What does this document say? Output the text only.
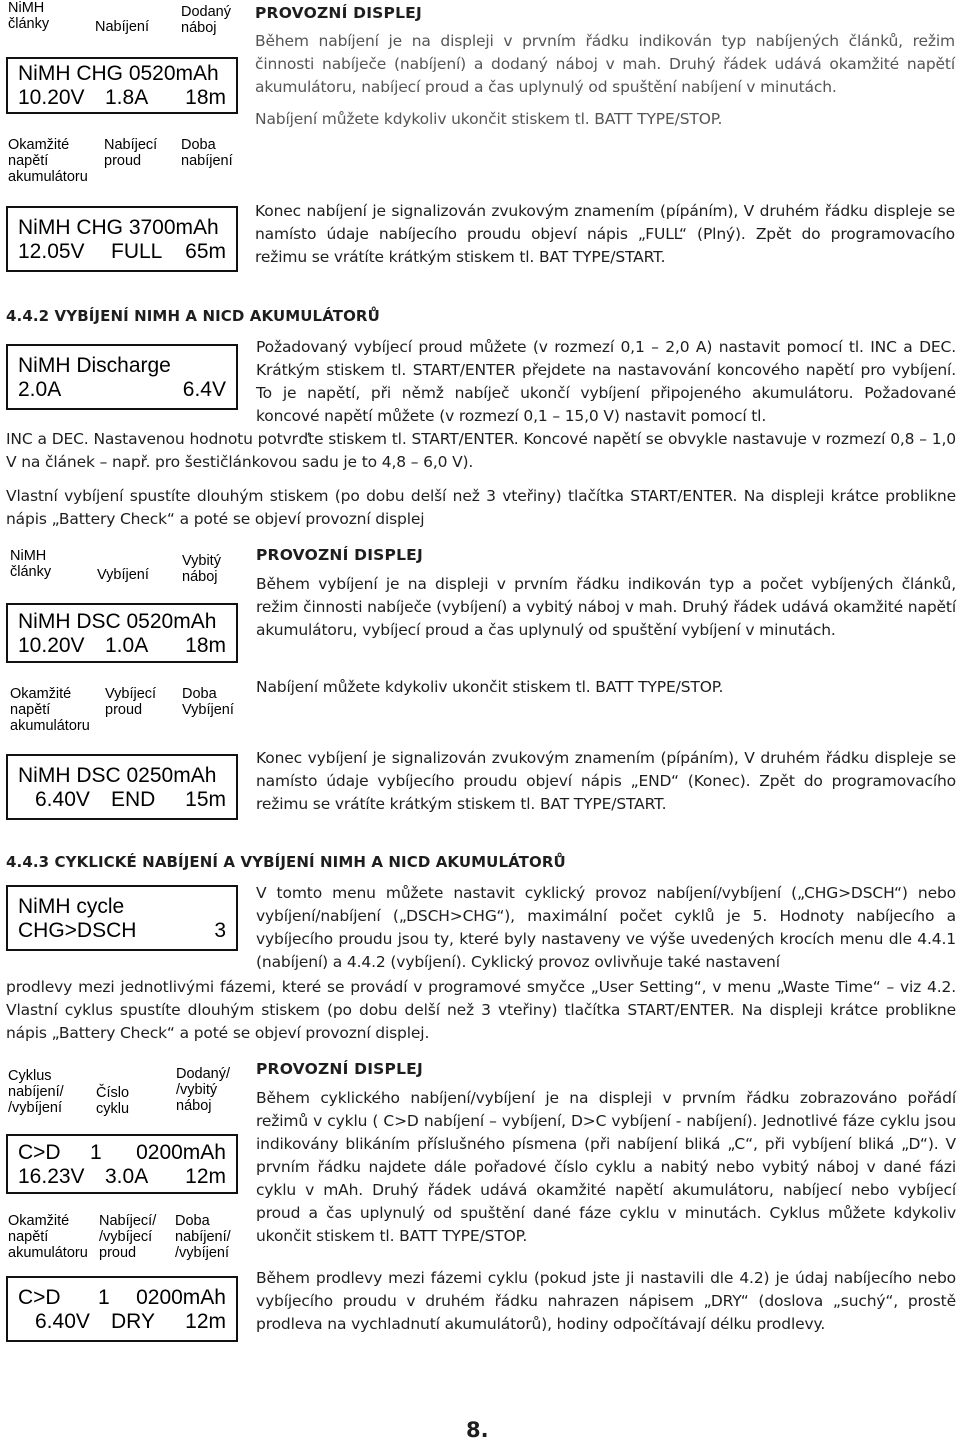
NiMH
články	Nabíjení
Dodaný
náboj
NiMH CHG 0520mAh
10.20V 1.8A 18m
Okamžité
napětí
akumulátoru
Nabíjecí
proud
Doba
nabíjení
NiMH CHG 3700mAh
12.05V FULL 65m
PROVOZNÍ DISPLEJ
Během nabíjení je na displeji v prvním řádku indikován typ nabíjených článků, režim činnosti nabíječe (nabíjení) a dodaný náboj v mah. Druhý řádek udává okamžité napětí akumulátoru, nabíjecí proud a čas uplynulý od spuštění nabíjení v minutách.
Nabíjení můžete kdykoliv ukončit stiskem tl. BATT TYPE/STOP.
Konec nabíjení je signalizován zvukovým znamením (pípáním), V druhém řádku displeje se namísto údaje nabíjecího proudu objeví nápis „FULL“ (Plný). Zpět do programovacího režimu se vrátíte krátkým stiskem tl. BAT TYPE/START.
4.4.2 VYBÍJENÍ NIMH A NICD AKUMULÁTORŮ
NiMH Discharge
2.0A	6.4V
Požadovaný vybíjecí proud můžete (v rozmezí 0,1 – 2,0 A) nastavit pomocí tl. INC a DEC. Krátkým stiskem tl. START/ENTER přejdete na nastavování koncového napětí pro vybíjení. To je napětí, při němž nabíječ ukončí vybíjení připojeného akumulátoru. Požadované koncové napětí můžete (v rozmezí 0,1 – 15,0 V) nastavit pomocí tl.
INC a DEC. Nastavenou hodnotu potvrďte stiskem tl. START/ENTER. Koncové napětí se obvykle nastavuje v rozmezí 0,8 – 1,0 V na článek – např. pro šestičlánkovou sadu je to 4,8 – 6,0 V).
Vlastní vybíjení spustíte dlouhým stiskem (po dobu delší než 3 vteřiny) tlačítka START/ENTER. Na displeji krátce problikne nápis „Battery Check“ a poté se objeví provozní displej
NiMH
články	Vybíjení
Vybitý
náboj
NiMH DSC 0520mAh
10.20V 1.0A 18m
Okamžité
napětí
akumulátoru
Vybíjecí
proud
Doba
Vybíjení
NiMH DSC 0250mAh
6.40V END 15m
PROVOZNÍ DISPLEJ
Během vybíjení je na displeji v prvním řádku indikován typ a počet vybíjených článků, režim činnosti nabíječe (vybíjení) a vybitý náboj v mah. Druhý řádek udává okamžité napětí akumulátoru, vybíjecí proud a čas uplynulý od spuštění vybíjení v minutách.
Nabíjení můžete kdykoliv ukončit stiskem tl. BATT TYPE/STOP.
Konec vybíjení je signalizován zvukovým znamením (pípáním), V druhém řádku displeje se namísto údaje vybíjecího proudu objeví nápis „END“ (Konec). Zpět do programovacího režimu se vrátíte krátkým stiskem tl. BAT TYPE/START.
4.4.3 CYKLICKÉ NABÍJENÍ A VYBÍJENÍ NIMH A NICD AKUMULÁTORŮ
NiMH cycle
CHG>DSCH	3
V tomto menu můžete nastavit cyklický provoz nabíjení/vybíjení („CHG>DSCH“) nebo vybíjení/nabíjení („DSCH>CHG“), maximální počet cyklů je 5. Hodnoty nabíjecího a vybíjecího proudu jsou ty, které byly nastaveny ve výše uvedených krocích menu dle 4.4.1 (nabíjení) a 4.4.2 (vybíjení). Cyklický provoz ovlivňuje také nastavení
prodlevy mezi jednotlivými fázemi, které se provádí v programové smyčce „User Setting“, v menu „Waste Time“ – viz 4.2. Vlastní cyklus spustíte dlouhým stiskem (po dobu delší než 3 vteřiny) tlačítka START/ENTER. Na displeji krátce problikne nápis „Battery Check“ a poté se objeví provozní displej.
Cyklus
nabíjení/
/vybíjení
Číslo
cyklu
Dodaný/
/vybitý
náboj
C>D 1 0200mAh
16.23V 3.0A 12m
Okamžité
napětí
akumulátoru
Nabíjecí/
/vybíjecí
proud
Doba
nabíjení/
/vybíjení
C>D 1 0200mAh
6.40V DRY 12m
PROVOZNÍ DISPLEJ
Během cyklického nabíjení/vybíjení je na displeji v prvním řádku zobrazováno pořádí režimů v cyklu ( C>D nabíjení – vybíjení, D>C vybíjení - nabíjení). Jednotlivé fáze cyklu jsou indikovány blikáním příslušného písmena (při nabíjení bliká „C“, při vybíjení bliká „D“). V prvním řádku najdete dále pořadové číslo cyklu a nabitý nebo vybitý náboj v dané fázi cyklu v mAh. Druhý řádek udává okamžité napětí akumulátoru, nabíjecí nebo vybíjecí proud a čas uplynulý od spuštění dané fáze cyklu v minutách. Cyklus můžete kdykoliv ukončit stiskem tl. BATT TYPE/STOP.
Během prodlevy mezi fázemi cyklu (pokud jste ji nastavili dle 4.2) je údaj nabíjecího nebo vybíjecího proudu v druhém řádku nahrazen nápisem „DRY“ (doslova „suchý“, prostě prodleva na vychladnutí akumulátorů), hodiny odpočítávají délku prodlevy.
8.
